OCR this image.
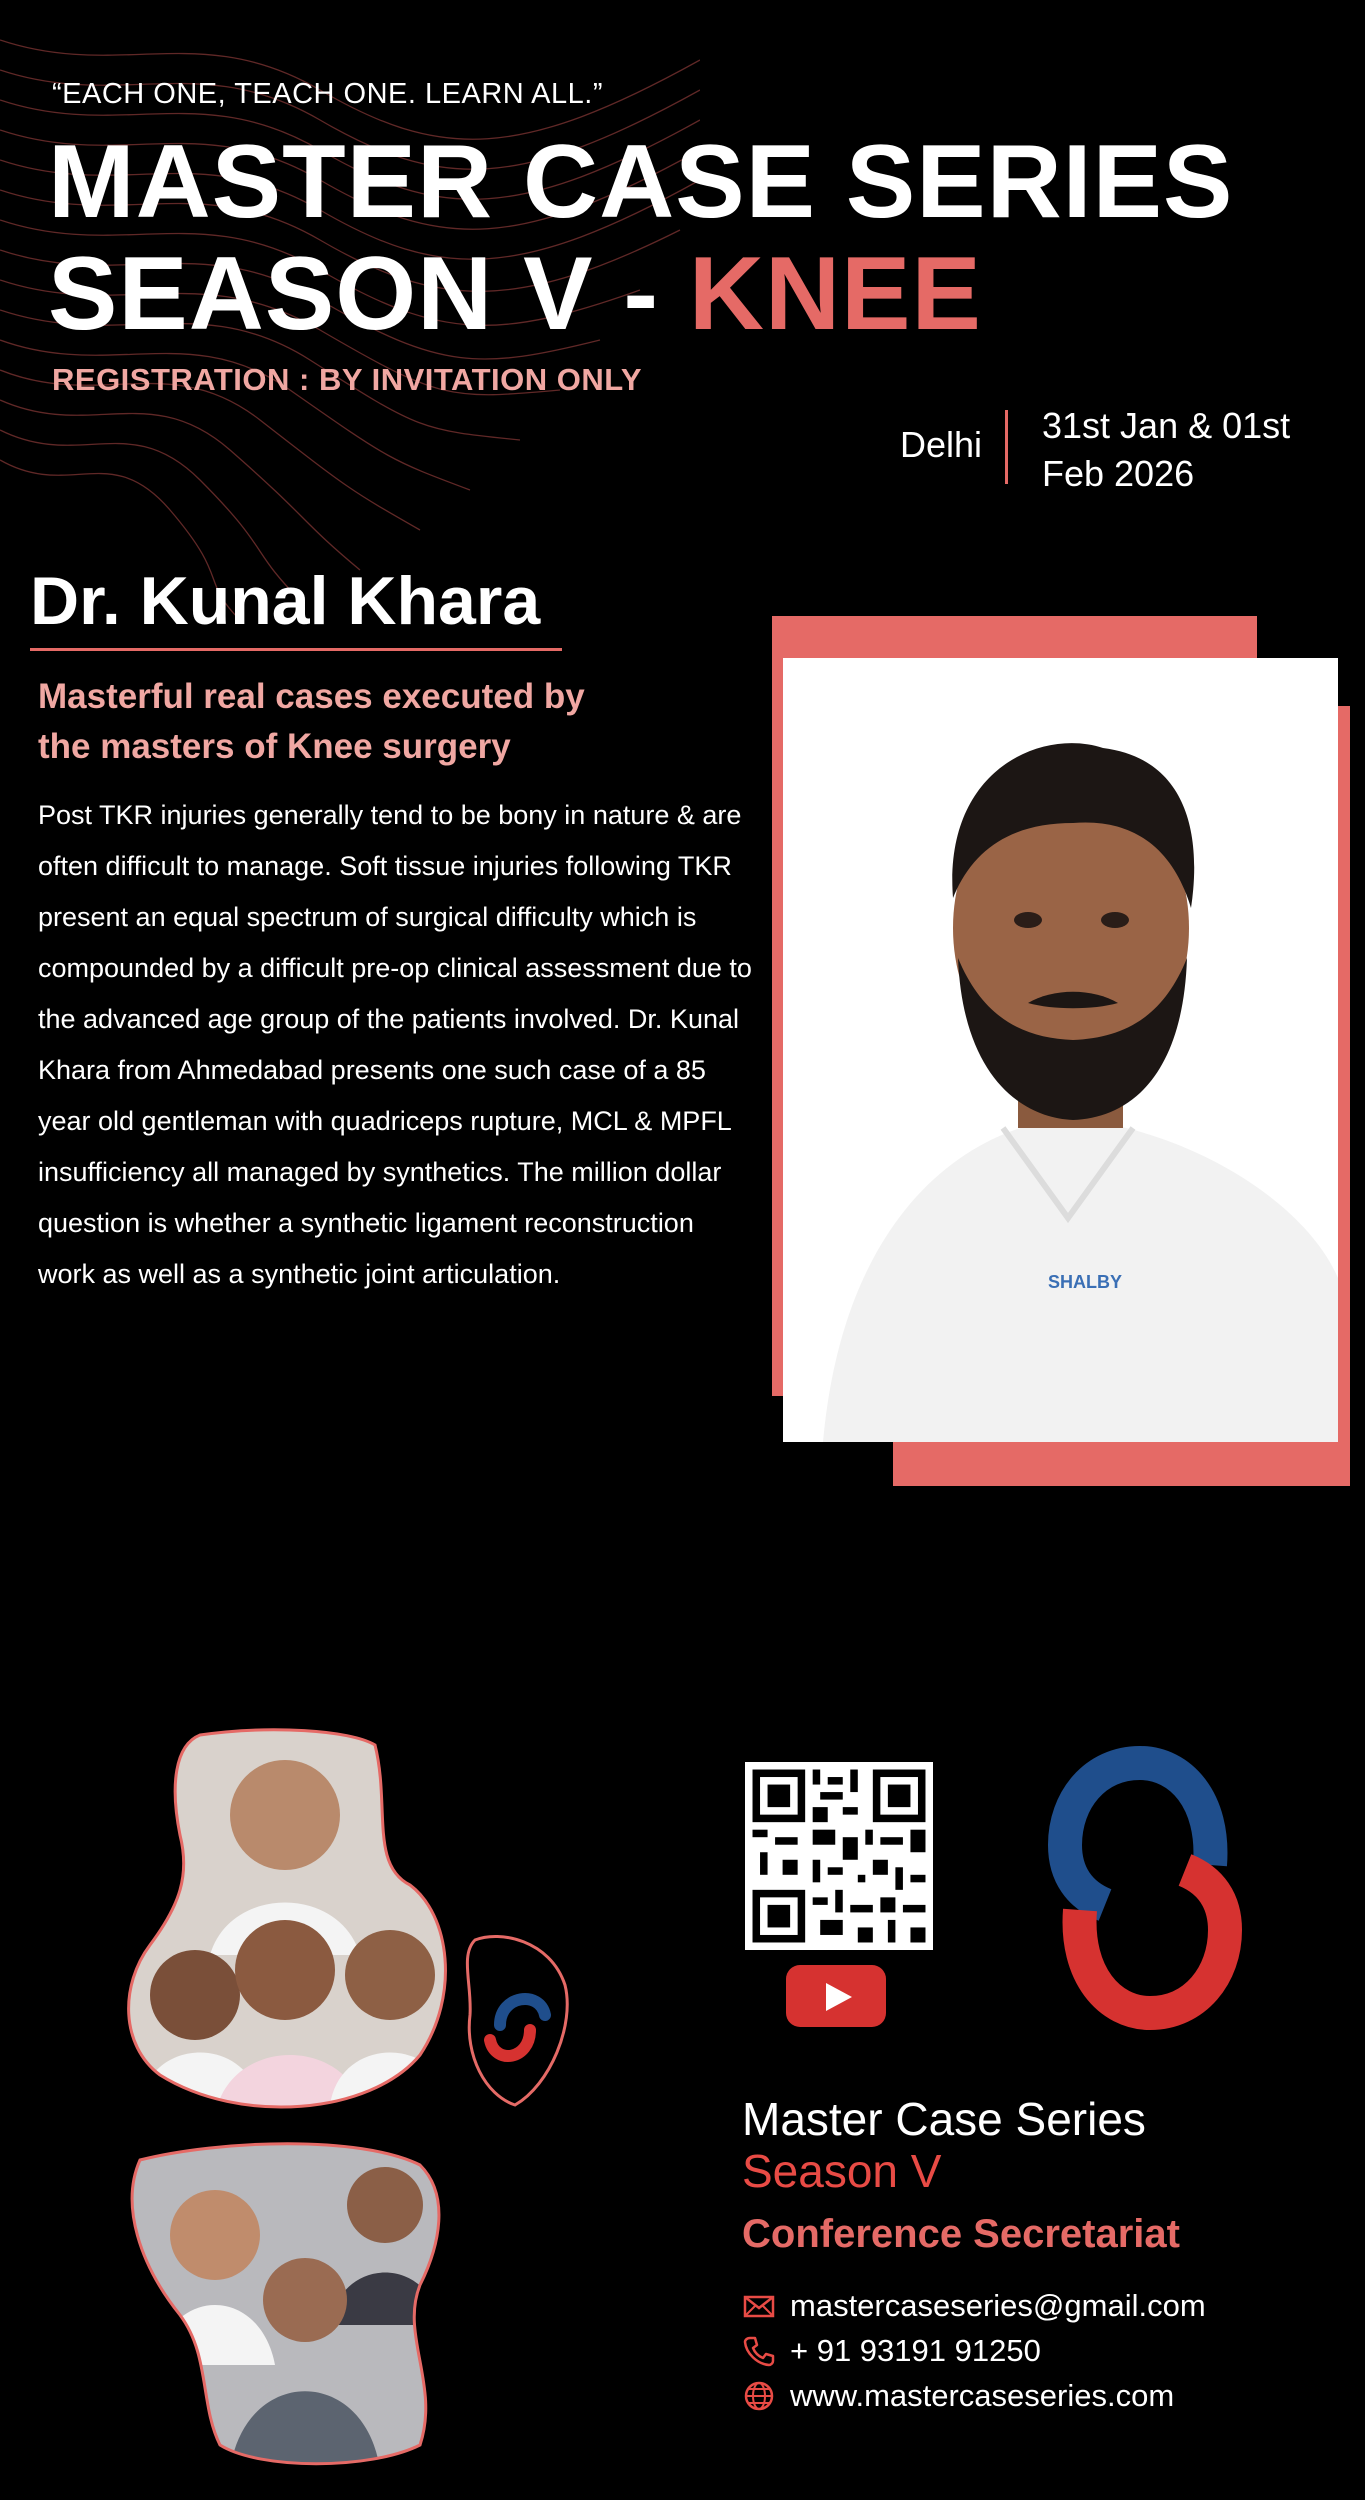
“EACH ONE, TEACH ONE. LEARN ALL.”
MASTER CASE SERIES
SEASON V - KNEE
REGISTRATION : BY INVITATION ONLY
Delhi 31st Jan & 01st
Feb 2026
Dr. Kunal Khara
Masterful real cases executed by
the masters of Knee surgery
Post TKR injuries generally tend to be bony in nature & are often difficult to manage. Soft tissue injuries following TKR present an equal spectrum of surgical difficulty which is compounded by a difficult pre-op clinical assessment due to the advanced age group of the patients involved. Dr. Kunal Khara from Ahmedabad presents one such case of a 85 year old gentleman with quadriceps rupture, MCL & MPFL insufficiency all managed by synthetics. The million dollar question is whether a synthetic ligament reconstruction work as well as a synthetic joint articulation.	SHALBY
Master Case Series
Season V
Conference Secretariat
mastercaseseries@gmail.com
+ 91 93191 91250
www.mastercaseseries.com
